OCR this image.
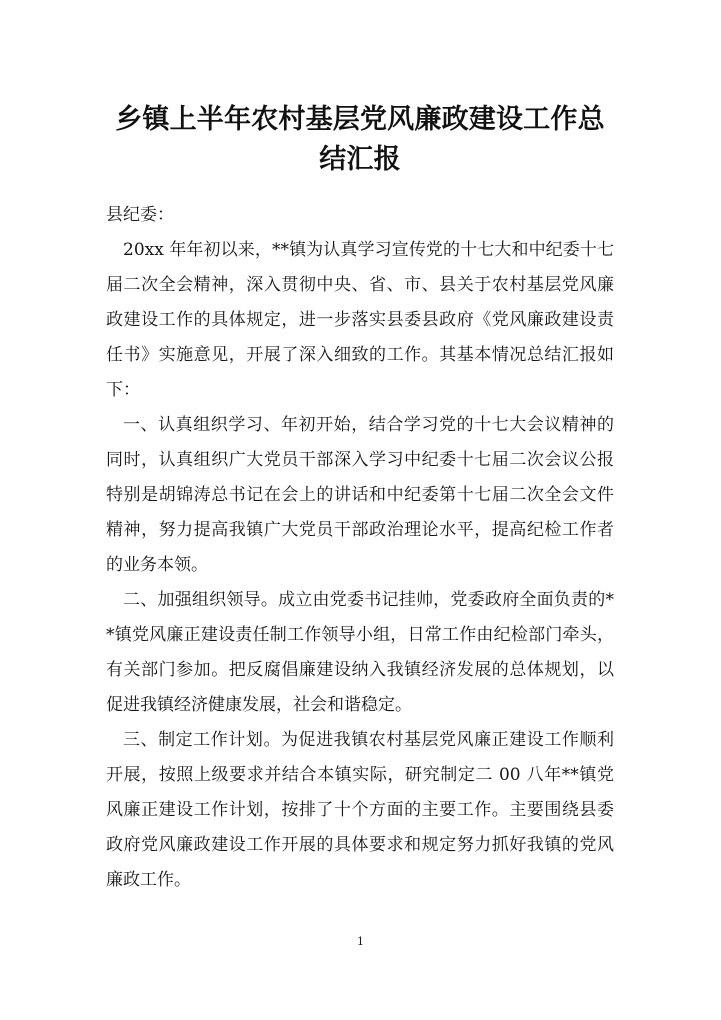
乡镇上半年农村基层党风廉政建设工作总
结汇报

县纪委：

20xx 年年初以来，**镇为认真学习宣传党的十七大和中纪委十七届二次全会精神，深入贯彻中央、省、市、县关于农村基层党风廉政建设工作的具体规定，进一步落实县委县政府《党风廉政建设责任书》实施意见，开展了深入细致的工作。其基本情况总结汇报如下：

一、认真组织学习、年初开始，结合学习党的十七大会议精神的同时，认真组织广大党员干部深入学习中纪委十七届二次会议公报特别是胡锦涛总书记在会上的讲话和中纪委第十七届二次全会文件精神，努力提高我镇广大党员干部政治理论水平，提高纪检工作者的业务本领。

二、加强组织领导。成立由党委书记挂帅，党委政府全面负责的**镇党风廉正建设责任制工作领导小组，日常工作由纪检部门牵头，有关部门参加。把反腐倡廉建设纳入我镇经济发展的总体规划，以促进我镇经济健康发展，社会和谐稳定。

三、制定工作计划。为促进我镇农村基层党风廉正建设工作顺利开展，按照上级要求并结合本镇实际，研究制定二 00 八年**镇党风廉正建设工作计划，按排了十个方面的主要工作。主要围绕县委政府党风廉政建设工作开展的具体要求和规定努力抓好我镇的党风廉政工作。

1
